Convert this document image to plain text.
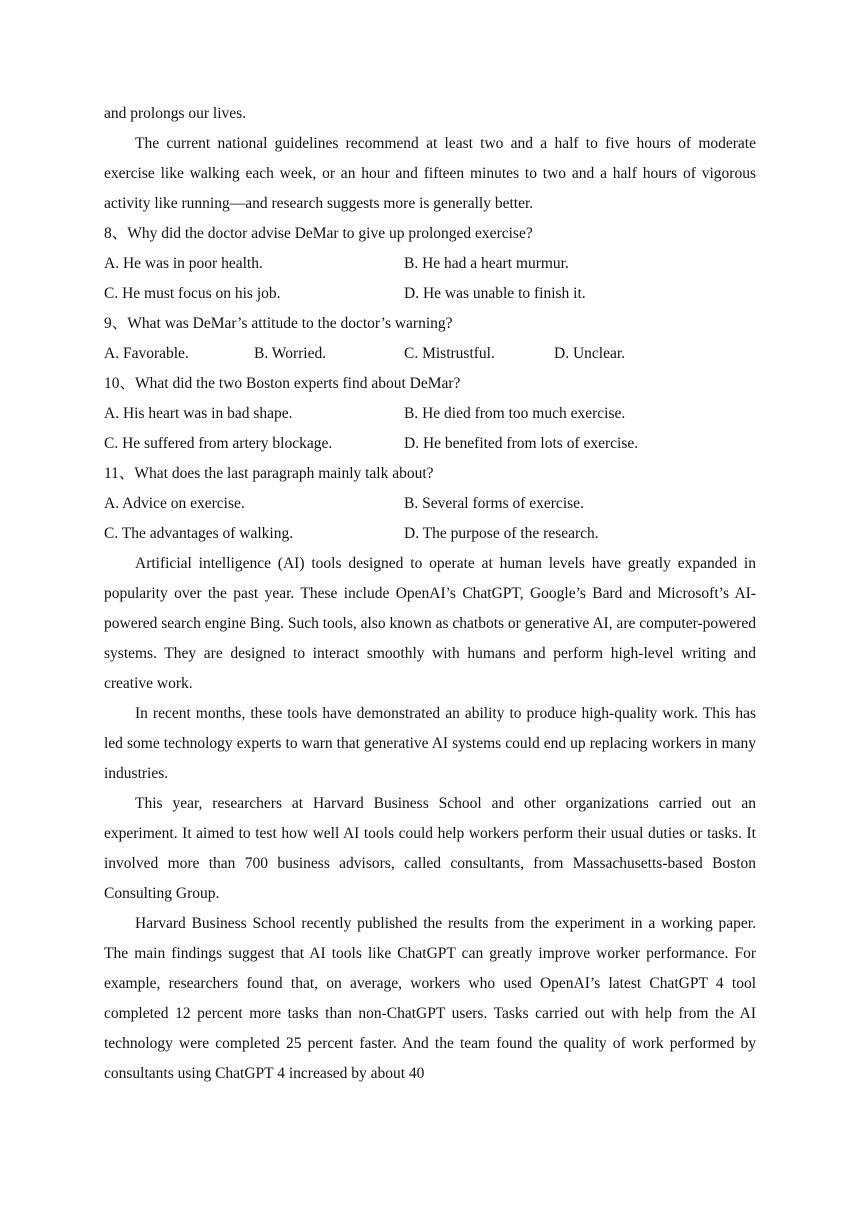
and prolongs our lives.

The current national guidelines recommend at least two and a half to five hours of moderate exercise like walking each week, or an hour and fifteen minutes to two and a half hours of vigorous activity like running—and research suggests more is generally better.

8、Why did the doctor advise DeMar to give up prolonged exercise?

A. He was in poor health.	B. He had a heart murmur.
C. He must focus on his job.	D. He was unable to finish it.

9、What was DeMar’s attitude to the doctor’s warning?

A. Favorable.	B. Worried.	C. Mistrustful.	D. Unclear.

10、What did the two Boston experts find about DeMar?

A. His heart was in bad shape.	B. He died from too much exercise.
C. He suffered from artery blockage.	D. He benefited from lots of exercise.

11、What does the last paragraph mainly talk about?

A. Advice on exercise.	B. Several forms of exercise.
C. The advantages of walking.	D. The purpose of the research.

Artificial intelligence (AI) tools designed to operate at human levels have greatly expanded in popularity over the past year. These include OpenAI’s ChatGPT, Google’s Bard and Microsoft’s AI-powered search engine Bing. Such tools, also known as chatbots or generative AI, are computer-powered systems. They are designed to interact smoothly with humans and perform high-level writing and creative work.

In recent months, these tools have demonstrated an ability to produce high-quality work. This has led some technology experts to warn that generative AI systems could end up replacing workers in many industries.

This year, researchers at Harvard Business School and other organizations carried out an experiment. It aimed to test how well AI tools could help workers perform their usual duties or tasks. It involved more than 700 business advisors, called consultants, from Massachusetts-based Boston Consulting Group.

Harvard Business School recently published the results from the experiment in a working paper. The main findings suggest that AI tools like ChatGPT can greatly improve worker performance. For example, researchers found that, on average, workers who used OpenAI’s latest ChatGPT 4 tool completed 12 percent more tasks than non-ChatGPT users. Tasks carried out with help from the AI technology were completed 25 percent faster. And the team found the quality of work performed by consultants using ChatGPT 4 increased by about 40
